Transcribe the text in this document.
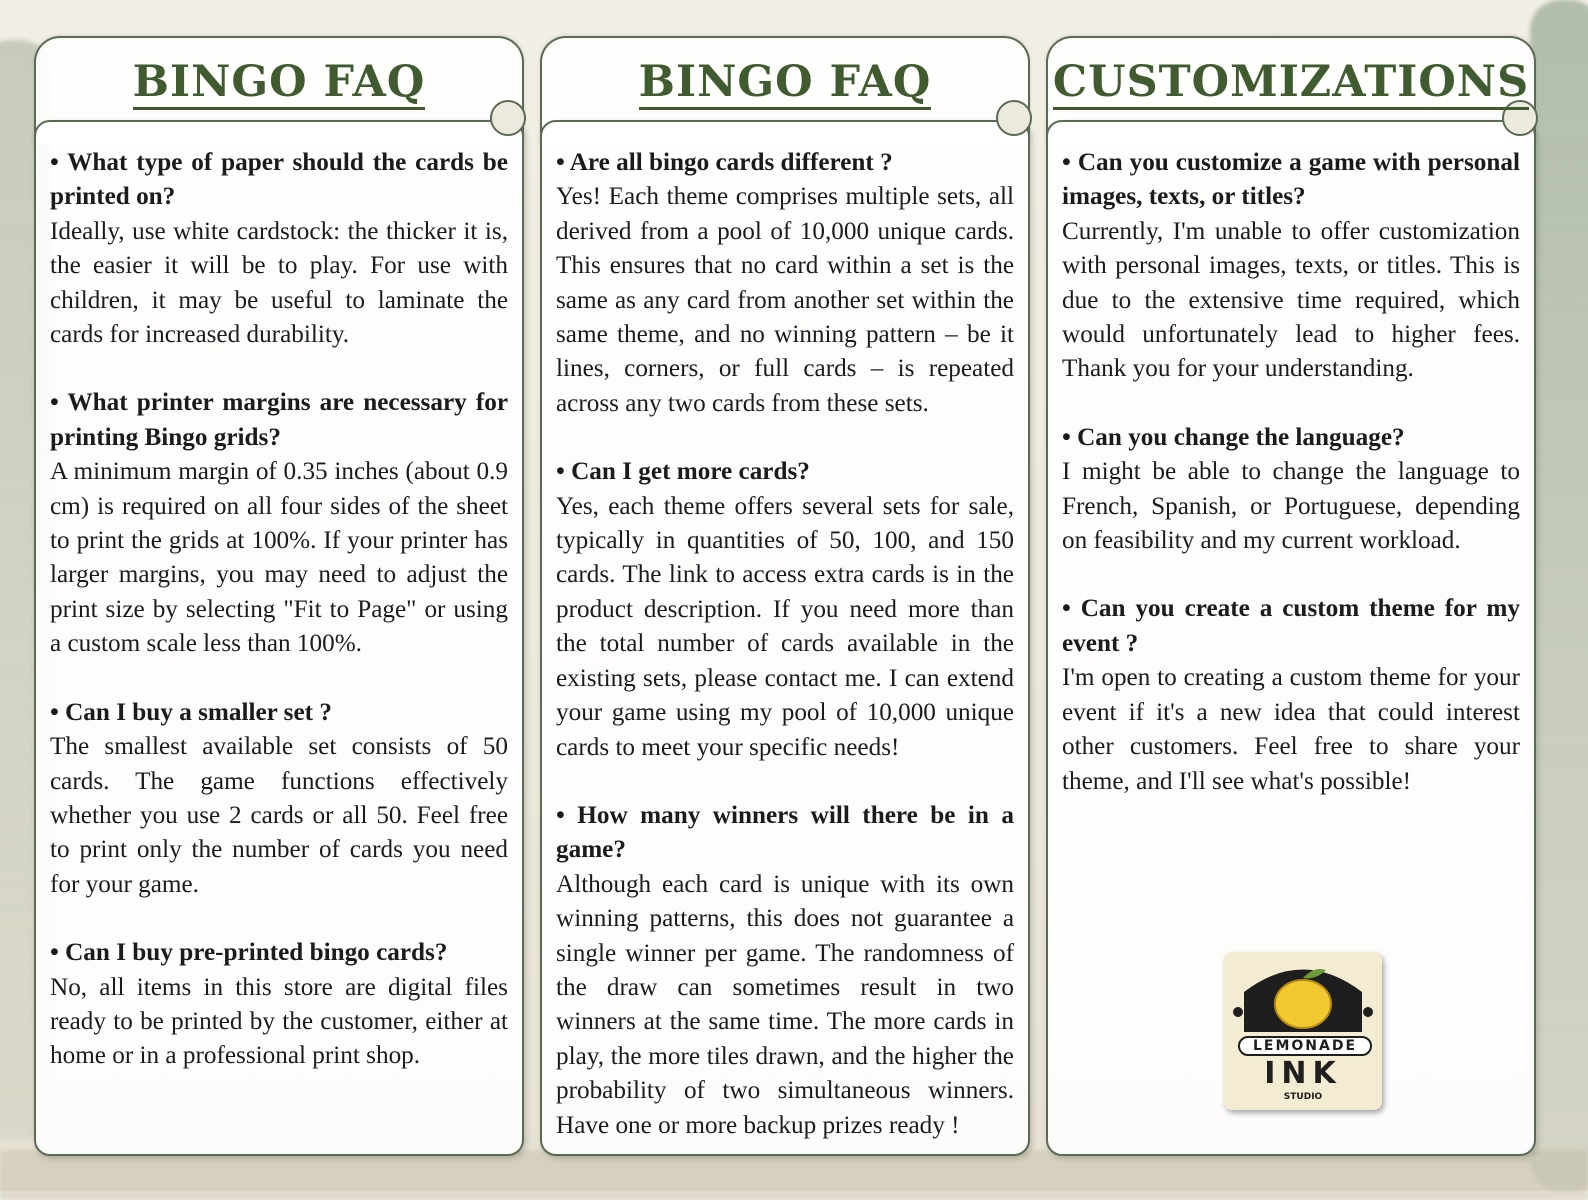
BINGO FAQ

• What type of paper should the cards be printed on?

Ideally, use white cardstock: the thicker it is, the easier it will be to play. For use with children, it may be useful to laminate the cards for increased durability.

• What printer margins are necessary for printing Bingo grids?

A minimum margin of 0.35 inches (about 0.9 cm) is required on all four sides of the sheet to print the grids at 100%. If your printer has larger margins, you may need to adjust the print size by selecting "Fit to Page" or using a custom scale less than 100%.

• Can I buy a smaller set ?

The smallest available set consists of 50 cards. The game functions effectively whether you use 2 cards or all 50. Feel free to print only the number of cards you need for your game.

• Can I buy pre-printed bingo cards?

No, all items in this store are digital files ready to be printed by the customer, either at home or in a professional print shop.

BINGO FAQ

• Are all bingo cards different ?

Yes! Each theme comprises multiple sets, all derived from a pool of 10,000 unique cards. This ensures that no card within a set is the same as any card from another set within the same theme, and no winning pattern – be it lines, corners, or full cards – is repeated across any two cards from these sets.

• Can I get more cards?

Yes, each theme offers several sets for sale, typically in quantities of 50, 100, and 150 cards. The link to access extra cards is in the product description. If you need more than the total number of cards available in the existing sets, please contact me. I can extend your game using my pool of 10,000 unique cards to meet your specific needs!

• How many winners will there be in a game?

Although each card is unique with its own winning patterns, this does not guarantee a single winner per game. The randomness of the draw can sometimes result in two winners at the same time. The more cards in play, the more tiles drawn, and the higher the probability of two simultaneous winners. Have one or more backup prizes ready !

CUSTOMIZATIONS

• Can you customize a game with personal images, texts, or titles?

Currently, I'm unable to offer customization with personal images, texts, or titles. This is due to the extensive time required, which would unfortunately lead to higher fees. Thank you for your understanding.

• Can you change the language?

I might be able to change the language to French, Spanish, or Portuguese, depending on feasibility and my current workload.

• Can you create a custom theme for my event ?

I'm open to creating a custom theme for your event if it's a new idea that could interest other customers. Feel free to share your theme, and I'll see what's possible!

LEMONADE
INK
STUDIO
